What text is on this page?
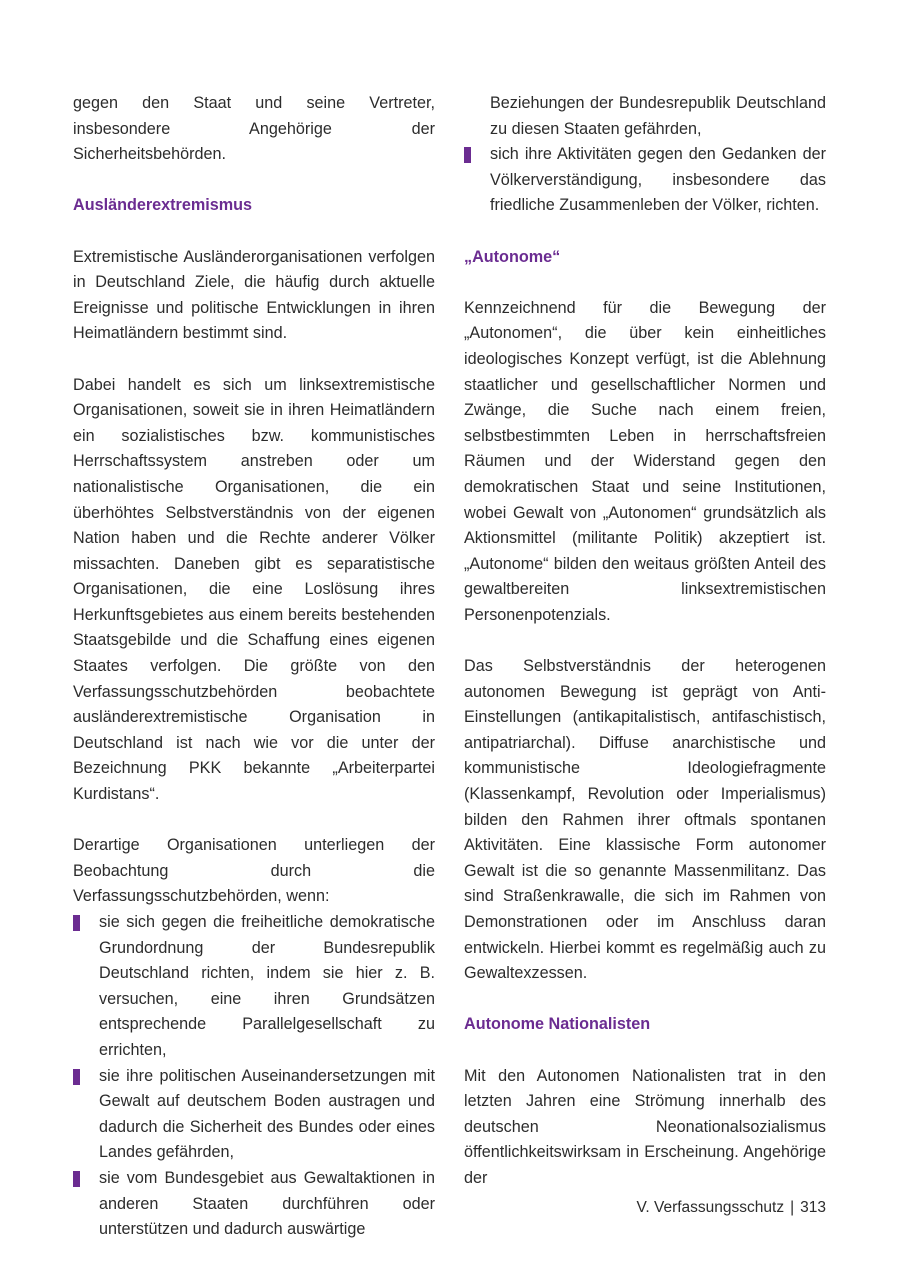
gegen den Staat und seine Vertreter, insbesondere Angehörige der Sicherheitsbehörden.

Ausländerextremismus

Extremistische Ausländerorganisationen verfolgen in Deutschland Ziele, die häufig durch aktuelle Ereignisse und politische Entwicklungen in ihren Heimatländern bestimmt sind.

Dabei handelt es sich um linksextremistische Organisationen, soweit sie in ihren Heimatländern ein sozialistisches bzw. kommunistisches Herrschaftssystem anstreben oder um nationalistische Organisationen, die ein überhöhtes Selbstverständnis von der eigenen Nation haben und die Rechte anderer Völker missachten. Daneben gibt es separatistische Organisationen, die eine Loslösung ihres Herkunftsgebietes aus einem bereits bestehenden Staatsgebilde und die Schaffung eines eigenen Staates verfolgen. Die größte von den Verfassungsschutzbehörden beobachtete ausländerextremistische Organisation in Deutschland ist nach wie vor die unter der Bezeichnung PKK bekannte „Arbeiterpartei Kurdistans“.

Derartige Organisationen unterliegen der Beobachtung durch die Verfassungsschutzbehörden, wenn:

sie sich gegen die freiheitliche demokratische Grundordnung der Bundesrepublik Deutschland richten, indem sie hier z. B. versuchen, eine ihren Grundsätzen entsprechende Parallelgesellschaft zu errichten,
sie ihre politischen Auseinandersetzungen mit Gewalt auf deutschem Boden austragen und dadurch die Sicherheit des Bundes oder eines Landes gefährden,
sie vom Bundesgebiet aus Gewaltaktionen in anderen Staaten durchführen oder unterstützen und dadurch auswärtige
Beziehungen der Bundesrepublik Deutschland zu diesen Staaten gefährden,
sich ihre Aktivitäten gegen den Gedanken der Völkerverständigung, insbesondere das friedliche Zusammenleben der Völker, richten.
„Autonome“

Kennzeichnend für die Bewegung der „Autonomen“, die über kein einheitliches ideologisches Konzept verfügt, ist die Ablehnung staatlicher und gesellschaftlicher Normen und Zwänge, die Suche nach einem freien, selbstbestimmten Leben in herrschaftsfreien Räumen und der Widerstand gegen den demokratischen Staat und seine Institutionen, wobei Gewalt von „Autonomen“ grundsätzlich als Aktionsmittel (militante Politik) akzeptiert ist. „Autonome“ bilden den weitaus größten Anteil des gewaltbereiten linksextremistischen Personenpotenzials.

Das Selbstverständnis der heterogenen autonomen Bewegung ist geprägt von Anti-Einstellungen (antikapitalistisch, antifaschistisch, antipatriarchal). Diffuse anarchistische und kommunistische Ideologiefragmente (Klassenkampf, Revolution oder Imperialismus) bilden den Rahmen ihrer oftmals spontanen Aktivitäten. Eine klassische Form autonomer Gewalt ist die so genannte Massenmilitanz. Das sind Straßenkrawalle, die sich im Rahmen von Demonstrationen oder im Anschluss daran entwickeln. Hierbei kommt es regelmäßig auch zu Gewaltexzessen.

Autonome Nationalisten

Mit den Autonomen Nationalisten trat in den letzten Jahren eine Strömung innerhalb des deutschen Neonationalsozialismus öffentlichkeitswirksam in Erscheinung. Angehörige der

V. Verfassungsschutz | 313
